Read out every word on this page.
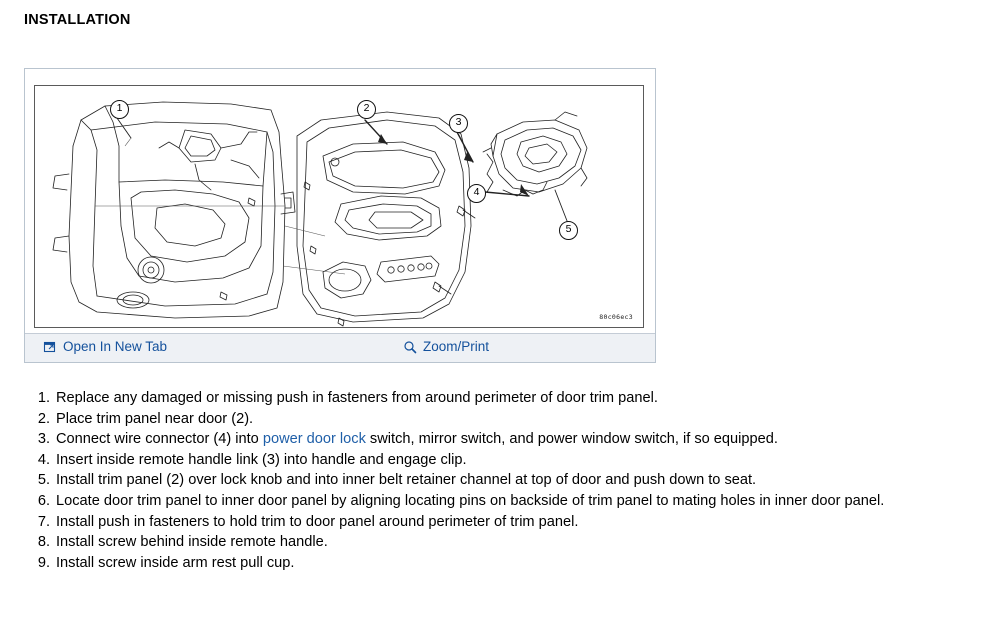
INSTALLATION
1	2
3
4
5
80c06ec3
Open In New Tab	Zoom/Print
1. Replace any damaged or missing push in fasteners from around perimeter of door trim panel.
2. Place trim panel near door (2).
3. Connect wire connector (4) into power door lock switch, mirror switch, and power window switch, if so equipped.
4. Insert inside remote handle link (3) into handle and engage clip.
5. Install trim panel (2) over lock knob and into inner belt retainer channel at top of door and push down to seat.
6. Locate door trim panel to inner door panel by aligning locating pins on backside of trim panel to mating holes in inner door panel.
7. Install push in fasteners to hold trim to door panel around perimeter of trim panel.
8. Install screw behind inside remote handle.
9. Install screw inside arm rest pull cup.
